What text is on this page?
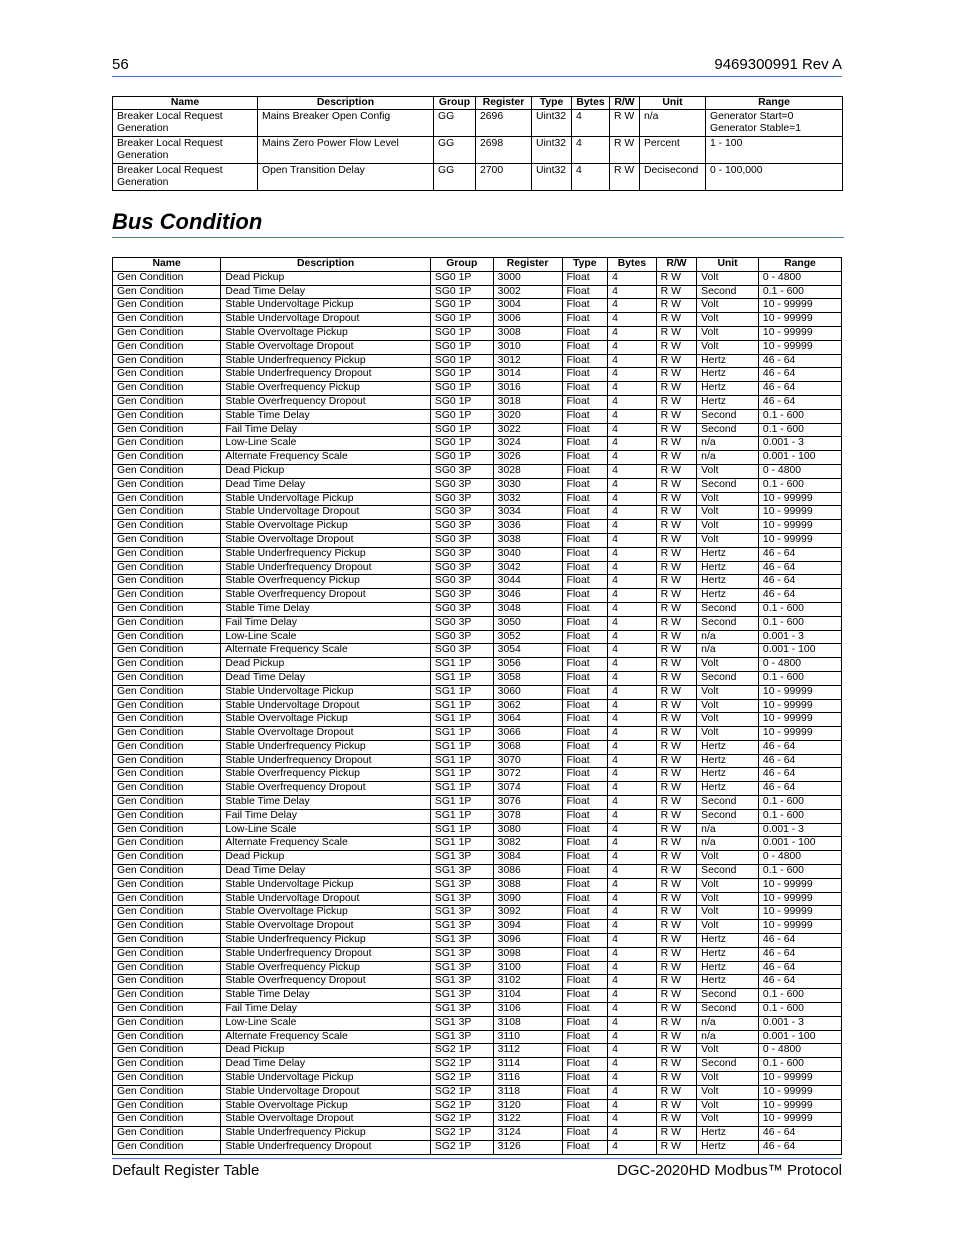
56	9469300991 Rev A
Name	Description	Group	Register	Type	Bytes	R/W	Unit	Range
Breaker Local Request Generation	Mains Breaker Open Config	GG	2696	Uint32	4	R W	n/a	Generator Start=0 Generator Stable=1
Breaker Local Request Generation	Mains Zero Power Flow Level	GG	2698	Uint32	4	R W	Percent	1 - 100
Breaker Local Request Generation	Open Transition Delay	GG	2700	Uint32	4	R W	Decisecond	0 - 100,000
Bus Condition
Name	Description	Group	Register	Type	Bytes	R/W	Unit	Range
Gen Condition	Dead Pickup	SG0 1P	3000	Float	4	R W	Volt	0 - 4800
Gen Condition	Dead Time Delay	SG0 1P	3002	Float	4	R W	Second	0.1 - 600
Gen Condition	Stable Undervoltage Pickup	SG0 1P	3004	Float	4	R W	Volt	10 - 99999
Gen Condition	Stable Undervoltage Dropout	SG0 1P	3006	Float	4	R W	Volt	10 - 99999
Gen Condition	Stable Overvoltage Pickup	SG0 1P	3008	Float	4	R W	Volt	10 - 99999
Gen Condition	Stable Overvoltage Dropout	SG0 1P	3010	Float	4	R W	Volt	10 - 99999
Gen Condition	Stable Underfrequency Pickup	SG0 1P	3012	Float	4	R W	Hertz	46 - 64
Gen Condition	Stable Underfrequency Dropout	SG0 1P	3014	Float	4	R W	Hertz	46 - 64
Gen Condition	Stable Overfrequency Pickup	SG0 1P	3016	Float	4	R W	Hertz	46 - 64
Gen Condition	Stable Overfrequency Dropout	SG0 1P	3018	Float	4	R W	Hertz	46 - 64
Gen Condition	Stable Time Delay	SG0 1P	3020	Float	4	R W	Second	0.1 - 600
Gen Condition	Fail Time Delay	SG0 1P	3022	Float	4	R W	Second	0.1 - 600
Gen Condition	Low-Line Scale	SG0 1P	3024	Float	4	R W	n/a	0.001 - 3
Gen Condition	Alternate Frequency Scale	SG0 1P	3026	Float	4	R W	n/a	0.001 - 100
Gen Condition	Dead Pickup	SG0 3P	3028	Float	4	R W	Volt	0 - 4800
Gen Condition	Dead Time Delay	SG0 3P	3030	Float	4	R W	Second	0.1 - 600
Gen Condition	Stable Undervoltage Pickup	SG0 3P	3032	Float	4	R W	Volt	10 - 99999
Gen Condition	Stable Undervoltage Dropout	SG0 3P	3034	Float	4	R W	Volt	10 - 99999
Gen Condition	Stable Overvoltage Pickup	SG0 3P	3036	Float	4	R W	Volt	10 - 99999
Gen Condition	Stable Overvoltage Dropout	SG0 3P	3038	Float	4	R W	Volt	10 - 99999
Gen Condition	Stable Underfrequency Pickup	SG0 3P	3040	Float	4	R W	Hertz	46 - 64
Gen Condition	Stable Underfrequency Dropout	SG0 3P	3042	Float	4	R W	Hertz	46 - 64
Gen Condition	Stable Overfrequency Pickup	SG0 3P	3044	Float	4	R W	Hertz	46 - 64
Gen Condition	Stable Overfrequency Dropout	SG0 3P	3046	Float	4	R W	Hertz	46 - 64
Gen Condition	Stable Time Delay	SG0 3P	3048	Float	4	R W	Second	0.1 - 600
Gen Condition	Fail Time Delay	SG0 3P	3050	Float	4	R W	Second	0.1 - 600
Gen Condition	Low-Line Scale	SG0 3P	3052	Float	4	R W	n/a	0.001 - 3
Gen Condition	Alternate Frequency Scale	SG0 3P	3054	Float	4	R W	n/a	0.001 - 100
Gen Condition	Dead Pickup	SG1 1P	3056	Float	4	R W	Volt	0 - 4800
Gen Condition	Dead Time Delay	SG1 1P	3058	Float	4	R W	Second	0.1 - 600
Gen Condition	Stable Undervoltage Pickup	SG1 1P	3060	Float	4	R W	Volt	10 - 99999
Gen Condition	Stable Undervoltage Dropout	SG1 1P	3062	Float	4	R W	Volt	10 - 99999
Gen Condition	Stable Overvoltage Pickup	SG1 1P	3064	Float	4	R W	Volt	10 - 99999
Gen Condition	Stable Overvoltage Dropout	SG1 1P	3066	Float	4	R W	Volt	10 - 99999
Gen Condition	Stable Underfrequency Pickup	SG1 1P	3068	Float	4	R W	Hertz	46 - 64
Gen Condition	Stable Underfrequency Dropout	SG1 1P	3070	Float	4	R W	Hertz	46 - 64
Gen Condition	Stable Overfrequency Pickup	SG1 1P	3072	Float	4	R W	Hertz	46 - 64
Gen Condition	Stable Overfrequency Dropout	SG1 1P	3074	Float	4	R W	Hertz	46 - 64
Gen Condition	Stable Time Delay	SG1 1P	3076	Float	4	R W	Second	0.1 - 600
Gen Condition	Fail Time Delay	SG1 1P	3078	Float	4	R W	Second	0.1 - 600
Gen Condition	Low-Line Scale	SG1 1P	3080	Float	4	R W	n/a	0.001 - 3
Gen Condition	Alternate Frequency Scale	SG1 1P	3082	Float	4	R W	n/a	0.001 - 100
Gen Condition	Dead Pickup	SG1 3P	3084	Float	4	R W	Volt	0 - 4800
Gen Condition	Dead Time Delay	SG1 3P	3086	Float	4	R W	Second	0.1 - 600
Gen Condition	Stable Undervoltage Pickup	SG1 3P	3088	Float	4	R W	Volt	10 - 99999
Gen Condition	Stable Undervoltage Dropout	SG1 3P	3090	Float	4	R W	Volt	10 - 99999
Gen Condition	Stable Overvoltage Pickup	SG1 3P	3092	Float	4	R W	Volt	10 - 99999
Gen Condition	Stable Overvoltage Dropout	SG1 3P	3094	Float	4	R W	Volt	10 - 99999
Gen Condition	Stable Underfrequency Pickup	SG1 3P	3096	Float	4	R W	Hertz	46 - 64
Gen Condition	Stable Underfrequency Dropout	SG1 3P	3098	Float	4	R W	Hertz	46 - 64
Gen Condition	Stable Overfrequency Pickup	SG1 3P	3100	Float	4	R W	Hertz	46 - 64
Gen Condition	Stable Overfrequency Dropout	SG1 3P	3102	Float	4	R W	Hertz	46 - 64
Gen Condition	Stable Time Delay	SG1 3P	3104	Float	4	R W	Second	0.1 - 600
Gen Condition	Fail Time Delay	SG1 3P	3106	Float	4	R W	Second	0.1 - 600
Gen Condition	Low-Line Scale	SG1 3P	3108	Float	4	R W	n/a	0.001 - 3
Gen Condition	Alternate Frequency Scale	SG1 3P	3110	Float	4	R W	n/a	0.001 - 100
Gen Condition	Dead Pickup	SG2 1P	3112	Float	4	R W	Volt	0 - 4800
Gen Condition	Dead Time Delay	SG2 1P	3114	Float	4	R W	Second	0.1 - 600
Gen Condition	Stable Undervoltage Pickup	SG2 1P	3116	Float	4	R W	Volt	10 - 99999
Gen Condition	Stable Undervoltage Dropout	SG2 1P	3118	Float	4	R W	Volt	10 - 99999
Gen Condition	Stable Overvoltage Pickup	SG2 1P	3120	Float	4	R W	Volt	10 - 99999
Gen Condition	Stable Overvoltage Dropout	SG2 1P	3122	Float	4	R W	Volt	10 - 99999
Gen Condition	Stable Underfrequency Pickup	SG2 1P	3124	Float	4	R W	Hertz	46 - 64
Gen Condition	Stable Underfrequency Dropout	SG2 1P	3126	Float	4	R W	Hertz	46 - 64
Default Register Table	DGC-2020HD Modbus™ Protocol
